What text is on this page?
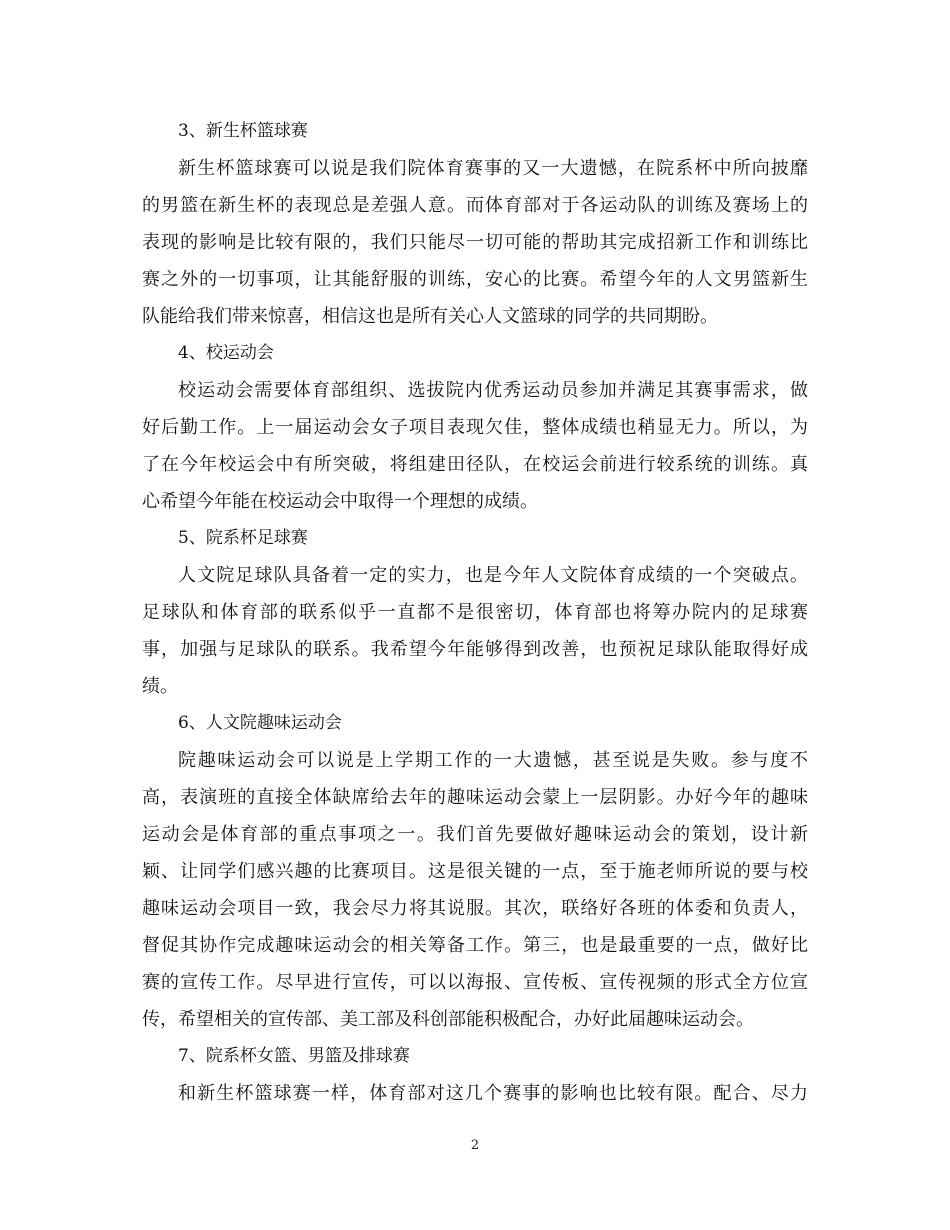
3、新生杯篮球赛
新生杯篮球赛可以说是我们院体育赛事的又一大遗憾，在院系杯中所向披靡
的男篮在新生杯的表现总是差强人意。而体育部对于各运动队的训练及赛场上的
表现的影响是比较有限的，我们只能尽一切可能的帮助其完成招新工作和训练比
赛之外的一切事项，让其能舒服的训练，安心的比赛。希望今年的人文男篮新生
队能给我们带来惊喜，相信这也是所有关心人文篮球的同学的共同期盼。
4、校运动会
校运动会需要体育部组织、选拔院内优秀运动员参加并满足其赛事需求，做
好后勤工作。上一届运动会女子项目表现欠佳，整体成绩也稍显无力。所以，为
了在今年校运会中有所突破，将组建田径队，在校运会前进行较系统的训练。真
心希望今年能在校运动会中取得一个理想的成绩。
5、院系杯足球赛
人文院足球队具备着一定的实力，也是今年人文院体育成绩的一个突破点。
足球队和体育部的联系似乎一直都不是很密切，体育部也将筹办院内的足球赛
事，加强与足球队的联系。我希望今年能够得到改善，也预祝足球队能取得好成
绩。
6、人文院趣味运动会
院趣味运动会可以说是上学期工作的一大遗憾，甚至说是失败。参与度不
高，表演班的直接全体缺席给去年的趣味运动会蒙上一层阴影。办好今年的趣味
运动会是体育部的重点事项之一。我们首先要做好趣味运动会的策划，设计新
颖、让同学们感兴趣的比赛项目。这是很关键的一点，至于施老师所说的要与校
趣味运动会项目一致，我会尽力将其说服。其次，联络好各班的体委和负责人，
督促其协作完成趣味运动会的相关筹备工作。第三，也是最重要的一点，做好比
赛的宣传工作。尽早进行宣传，可以以海报、宣传板、宣传视频的形式全方位宣
传，希望相关的宣传部、美工部及科创部能积极配合，办好此届趣味运动会。
7、院系杯女篮、男篮及排球赛
和新生杯篮球赛一样，体育部对这几个赛事的影响也比较有限。配合、尽力
2
